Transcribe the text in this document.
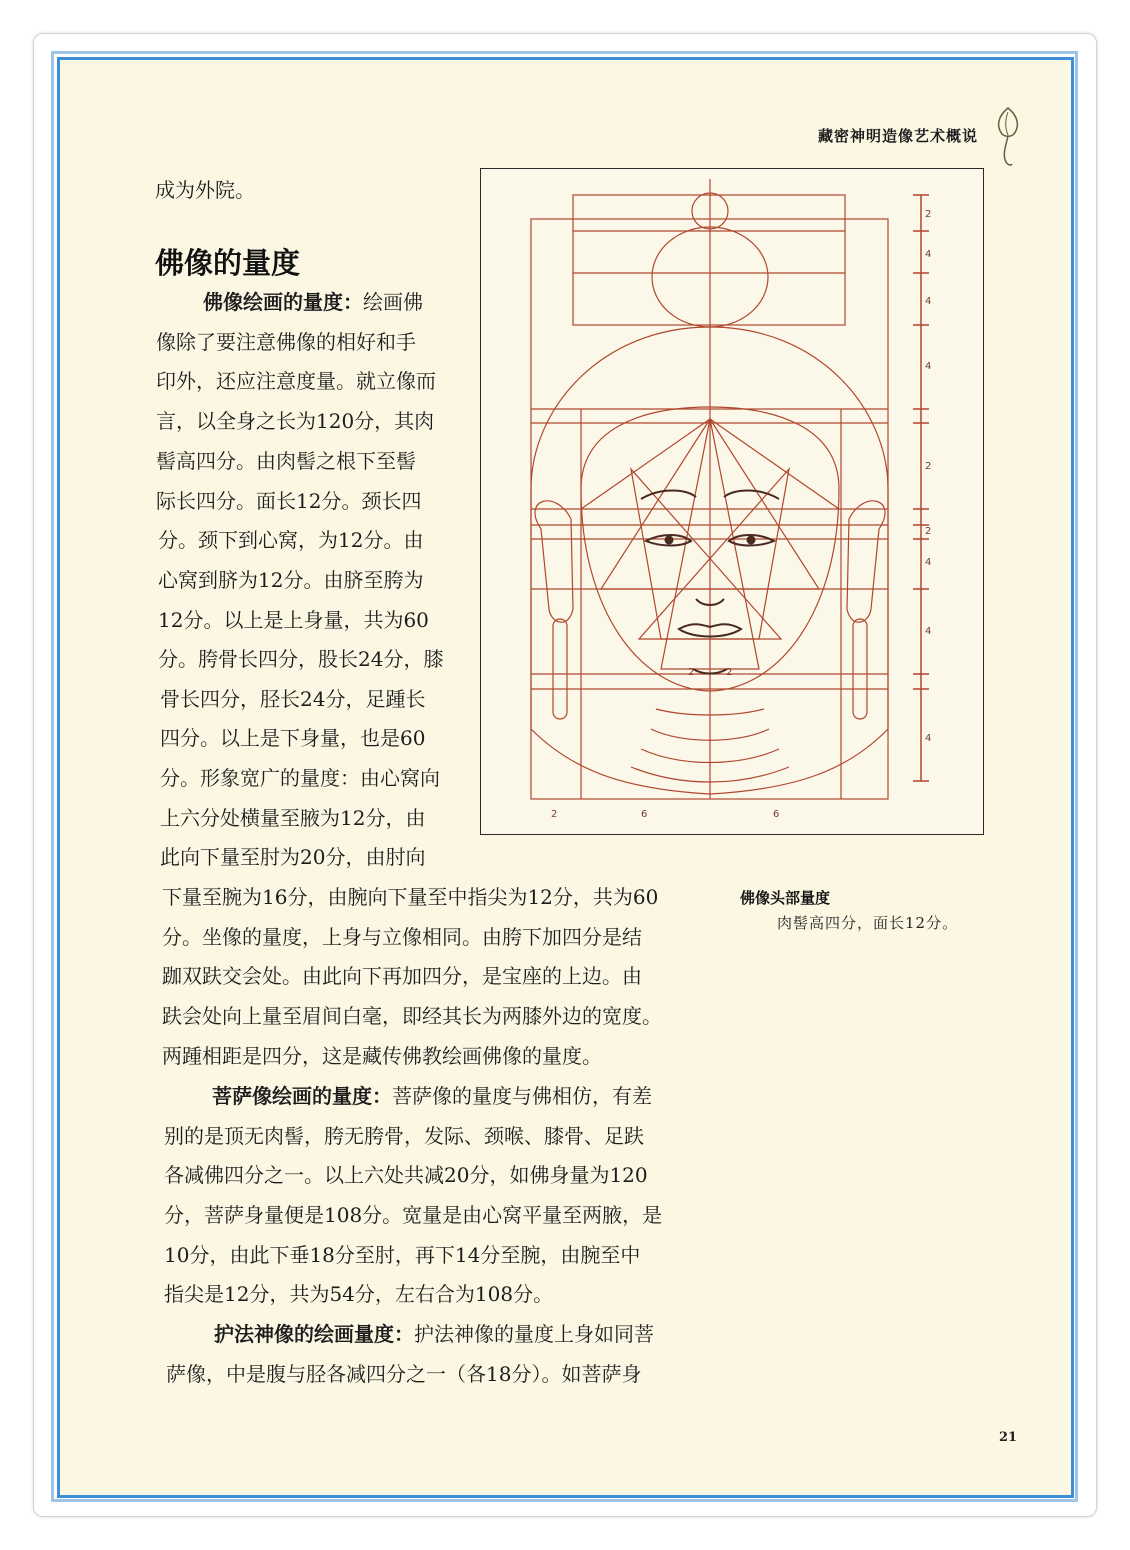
藏密神明造像艺术概说
成为外院。
佛像的量度
佛像绘画的量度：绘画佛
像除了要注意佛像的相好和手
印外，还应注意度量。就立像而
言，以全身之长为120分，其肉
髻高四分。由肉髻之根下至髻
际长四分。面长12分。颈长四
分。颈下到心窝，为12分。由
心窝到脐为12分。由脐至胯为
12分。以上是上身量，共为60
分。胯骨长四分，股长24分，膝
骨长四分，胫长24分，足踵长
四分。以上是下身量，也是60
分。形象宽广的量度：由心窝向
上六分处横量至腋为12分，由
此向下量至肘为20分，由肘向
下量至腕为16分，由腕向下量至中指尖为12分，共为60
分。坐像的量度，上身与立像相同。由胯下加四分是结
跏双趺交会处。由此向下再加四分，是宝座的上边。由
趺会处向上量至眉间白毫，即经其长为两膝外边的宽度。
两踵相距是四分，这是藏传佛教绘画佛像的量度。
菩萨像绘画的量度：菩萨像的量度与佛相仿，有差
别的是顶无肉髻，胯无胯骨，发际、颈喉、膝骨、足趺
各减佛四分之一。以上六处共减20分，如佛身量为120
分，菩萨身量便是108分。宽量是由心窝平量至两腋，是
10分，由此下垂18分至肘，再下14分至腕，由腕至中
指尖是12分，共为54分，左右合为108分。
护法神像的绘画量度：护法神像的量度上身如同菩
萨像，中是腹与胫各减四分之一（各18分）。如菩萨身
2
4
4
4
2
2
4
4
4
2	6	6
2	2
佛像头部量度
肉髻高四分，面长12分。
21
